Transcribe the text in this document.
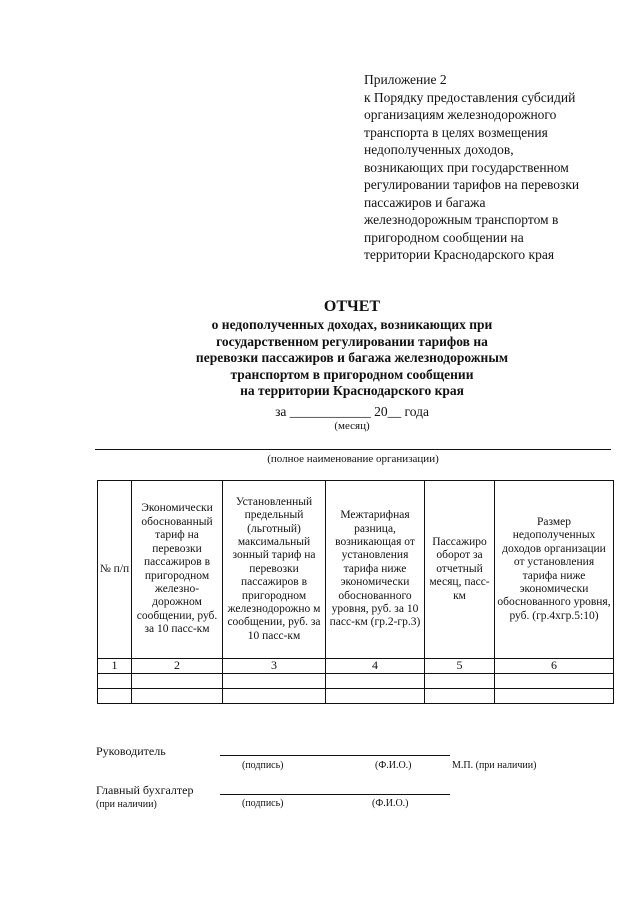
Приложение 2
к Порядку предоставления субсидий
организациям железнодорожного
транспорта в целях возмещения
недополученных доходов,
возникающих при государственном
регулировании тарифов на перевозки
пассажиров и багажа
железнодорожным транспортом в
пригородном сообщении на
территории Краснодарского края
ОТЧЕТ
о недополученных доходах, возникающих при
государственном регулировании тарифов на
перевозки пассажиров и багажа железнодорожным
транспортом в пригородном сообщении
на территории Краснодарского края
за ____________ 20__ года
(месяц)
(полное наименование организации)
№ п/п	Экономически обоснованный тариф на перевозки пассажиров в пригородном железно- дорожном сообщении, руб. за 10 пасс-км	Установленный предельный (льготный) максимальный зонный тариф на перевозки пассажиров в пригородном железнодорожно м сообщении, руб. за 10 пасс-км	Межтарифная разница, возникающая от установления тарифа ниже экономически обоснованного уровня, руб. за 10 пасс-км (гр.2-гр.3)	Пассажиро оборот за отчетный месяц, пасс-км	Размер недополученных доходов организации от установления тарифа ниже экономически обоснованного уровня, руб. (гр.4хгр.5:10)
1	2	3	4	5	6

Руководитель
(подпись)	(Ф.И.О.)	М.П. (при наличии)
Главный бухгалтер
(при наличии)	(подпись)	(Ф.И.О.)
